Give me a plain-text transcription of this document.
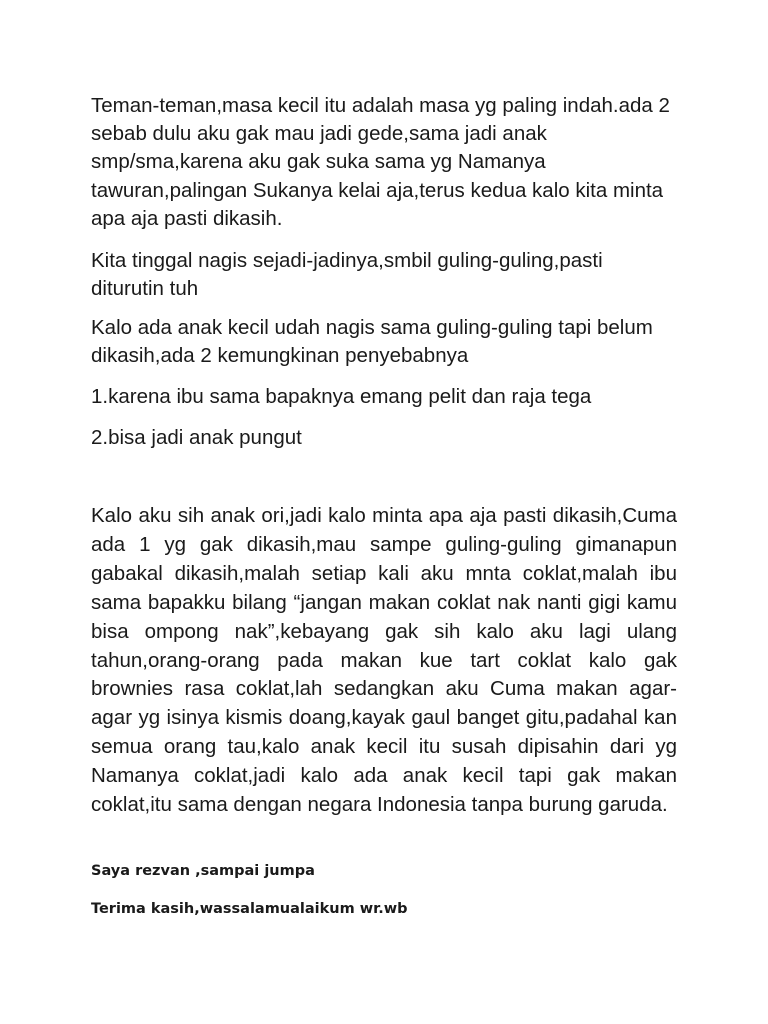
Teman-teman,masa kecil itu adalah masa yg paling indah.ada 2 sebab dulu aku gak mau jadi gede,sama jadi anak smp/sma,karena aku gak suka sama yg Namanya tawuran,palingan Sukanya kelai aja,terus kedua kalo kita minta apa aja pasti dikasih.

Kita tinggal nagis sejadi-jadinya,smbil guling-guling,pasti diturutin tuh

Kalo ada anak kecil udah nagis sama guling-guling tapi belum dikasih,ada 2 kemungkinan penyebabnya

1.karena ibu sama bapaknya emang pelit dan raja tega

2.bisa jadi anak pungut

Kalo aku sih anak ori,jadi kalo minta apa aja pasti dikasih,Cuma ada 1 yg gak dikasih,mau sampe guling-guling gimanapun gabakal dikasih,malah setiap kali aku mnta coklat,malah ibu sama bapakku bilang “jangan makan coklat nak nanti gigi kamu bisa ompong nak”,kebayang gak sih kalo aku lagi ulang tahun,orang-orang pada makan kue tart coklat kalo gak brownies rasa coklat,lah sedangkan aku Cuma makan agar-agar yg isinya kismis doang,kayak gaul banget gitu,padahal kan semua orang tau,kalo anak kecil itu susah dipisahin dari yg Namanya coklat,jadi kalo ada anak kecil tapi gak makan coklat,itu sama dengan negara Indonesia tanpa burung garuda.

Saya rezvan ,sampai jumpa

Terima kasih,wassalamualaikum wr.wb
